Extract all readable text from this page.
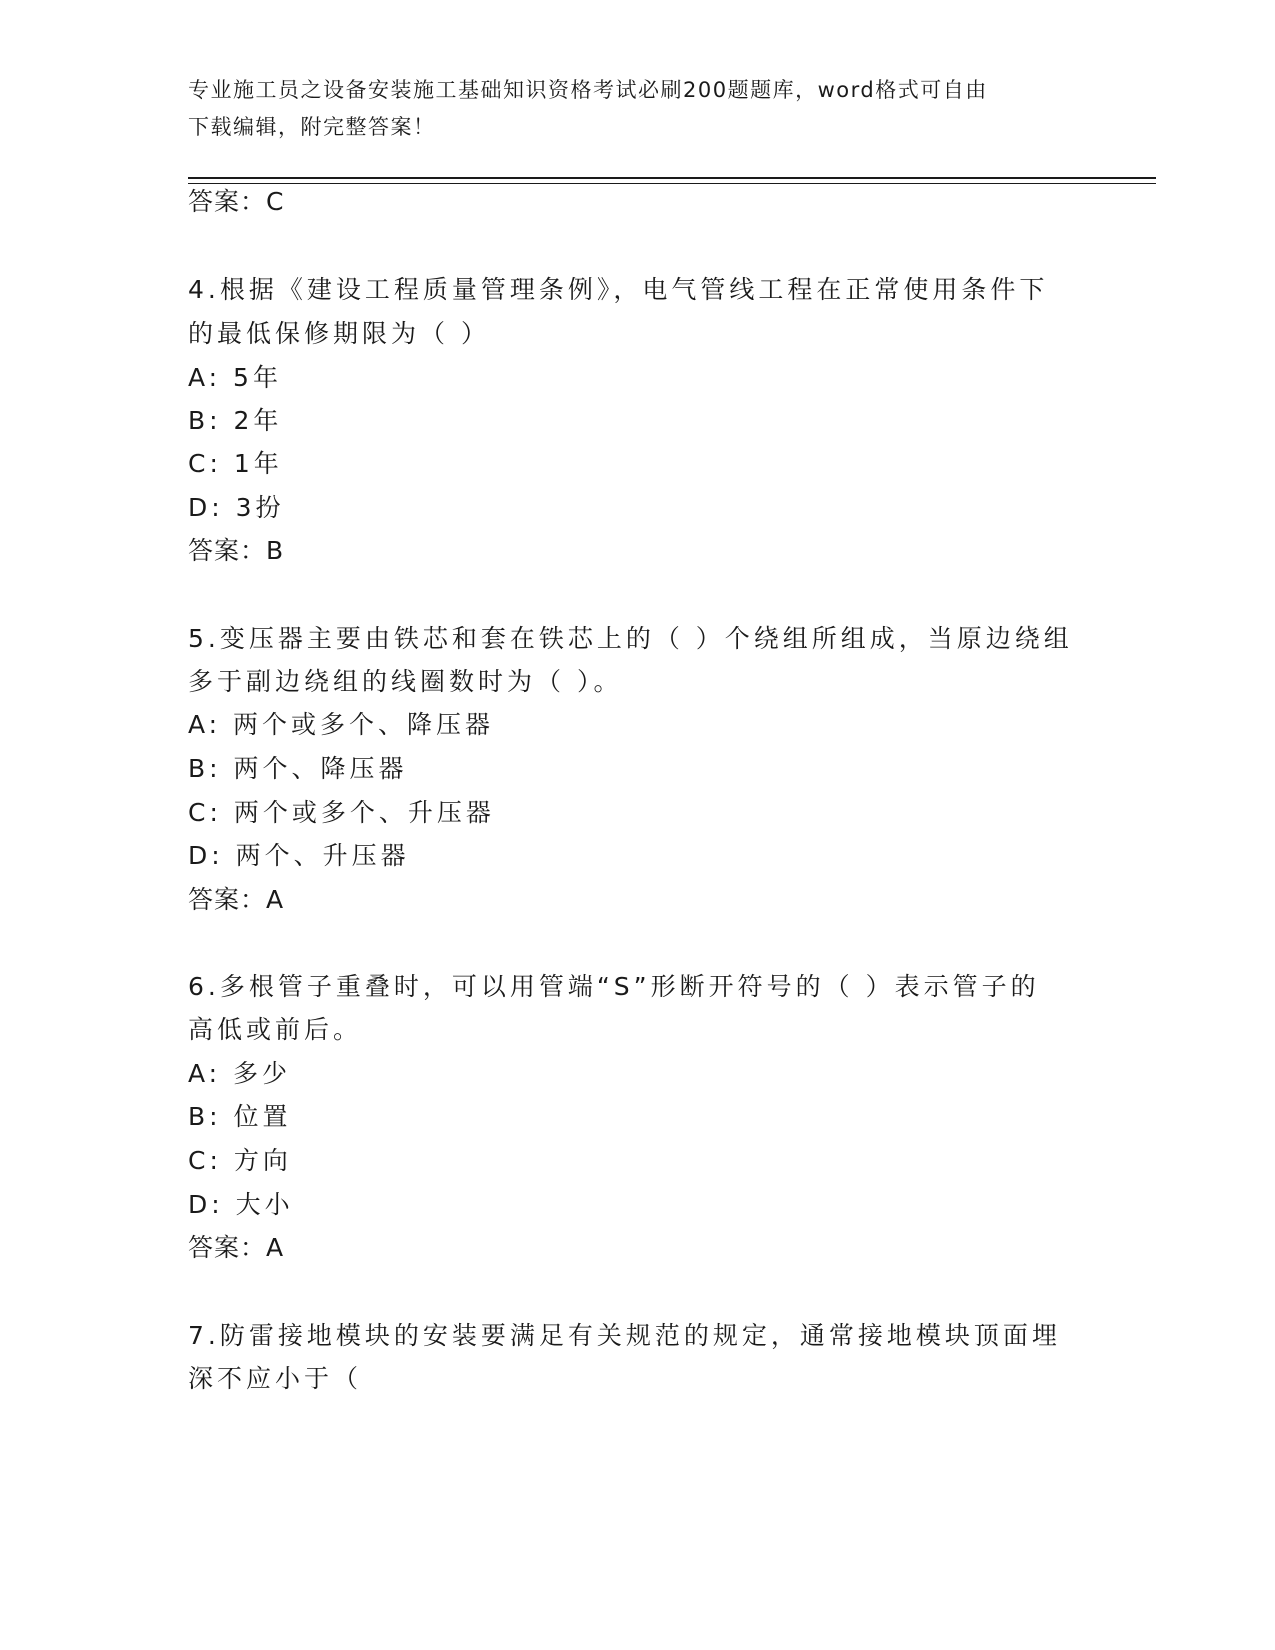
专业施工员之设备安装施工基础知识资格考试必刷200题题库，word格式可自由
下载编辑，附完整答案！
答案：C
4.根据《建设工程质量管理条例》，电气管线工程在正常使用条件下
的最低保修期限为（ ）
A: 5年
B: 2年
C: 1年
D: 3扮
答案：B
5.变压器主要由铁芯和套在铁芯上的（ ）个绕组所组成，当原边绕组
多于副边绕组的线圈数时为（ ）。
A: 两个或多个、降压器
B: 两个、降压器
C: 两个或多个、升压器
D: 两个、升压器
答案：A
6.多根管子重叠时，可以用管端“S”形断开符号的（ ）表示管子的
高低或前后。
A: 多少
B: 位置
C: 方向
D: 大小
答案：A
7.防雷接地模块的安装要满足有关规范的规定，通常接地模块顶面埋
深不应小于（
